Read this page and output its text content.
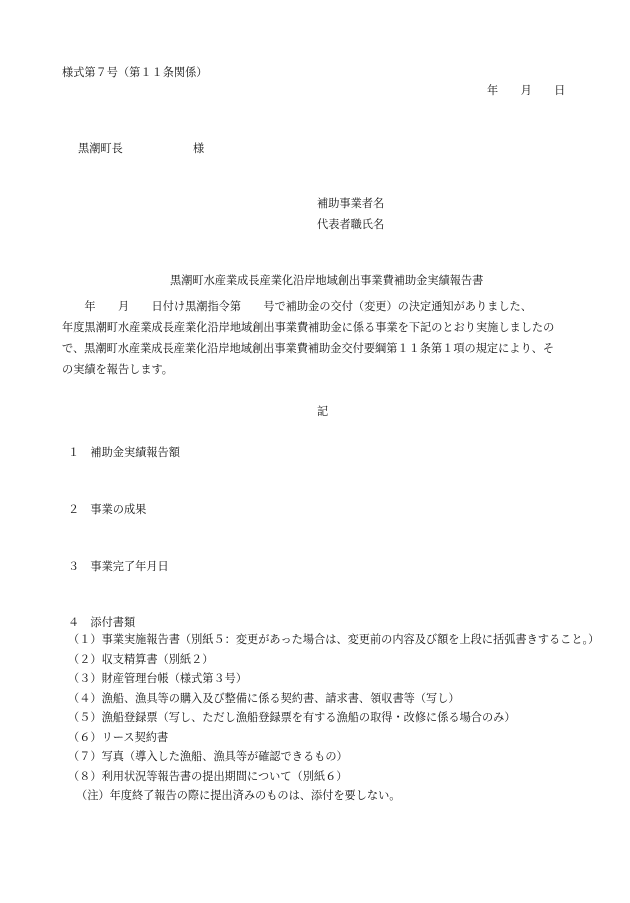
様式第７号（第１１条関係）
年　　月　　日
黒潮町長	様
補助事業者名
代表者職氏名
黒潮町水産業成長産業化沿岸地域創出事業費補助金実績報告書
　　年　　月　　日付け黒潮指令第　　号で補助金の交付（変更）の決定通知がありました、
年度黒潮町水産業成長産業化沿岸地域創出事業費補助金に係る事業を下記のとおり実施しましたの
で、黒潮町水産業成長産業化沿岸地域創出事業費補助金交付要綱第１１条第１項の規定により、そ
の実績を報告します。
記
１　補助金実績報告額
２　事業の成果
３　事業完了年月日
４　添付書類
（１）事業実施報告書（別紙５：変更があった場合は、変更前の内容及び額を上段に括弧書きすること。）
（２）収支精算書（別紙２）
（３）財産管理台帳（様式第３号）
（４）漁船、漁具等の購入及び整備に係る契約書、請求書、領収書等（写し）
（５）漁船登録票（写し、ただし漁船登録票を有する漁船の取得・改修に係る場合のみ）
（６）リース契約書
（７）写真（導入した漁船、漁具等が確認できるもの）
（８）利用状況等報告書の提出期間について（別紙６）
（注）年度終了報告の際に提出済みのものは、添付を要しない。
